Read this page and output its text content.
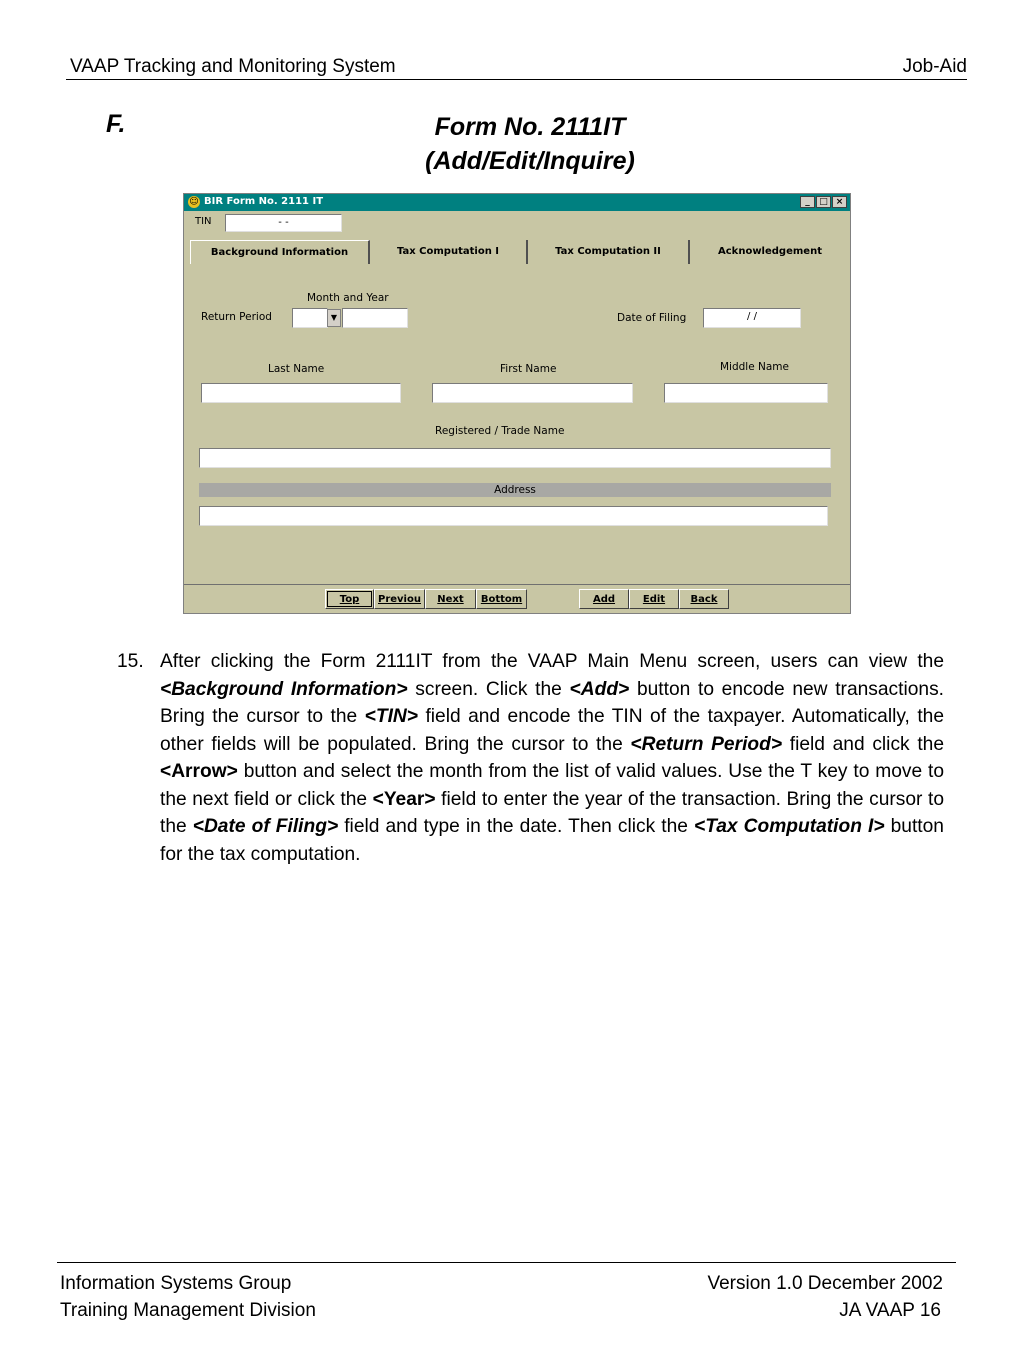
VAAP Tracking and Monitoring System	Job-Aid
F.	Form No. 2111IT
(Add/Edit/Inquire)
☺ BIR Form No. 2111 IT	_	□ ×
TIN	- -
Background Information	Tax Computation I	Tax Computation II	Acknowledgement
Month and Year
Return Period	▼	Date of Filing	/ /
Last Name	First Name	Middle Name
Registered / Trade Name
Address
Top	Previou	Next	Bottom	Add	Edit	Back
15. After clicking the Form 2111IT from the VAAP Main Menu screen, users can view the <Background Information> screen. Click the <Add> button to encode new transactions. Bring the cursor to the <TIN> field and encode the TIN of the taxpayer. Automatically, the other fields will be populated. Bring the cursor to the <Return Period> field and click the <Arrow> button and select the month from the list of valid values. Use the T key to move to the next field or click the <Year> field to enter the year of the transaction. Bring the cursor to the <Date of Filing> field and type in the date. Then click the <Tax Computation I> button for the tax computation.
Information Systems Group
Training Management Division
Version 1.0 December 2002
JA VAAP 16
